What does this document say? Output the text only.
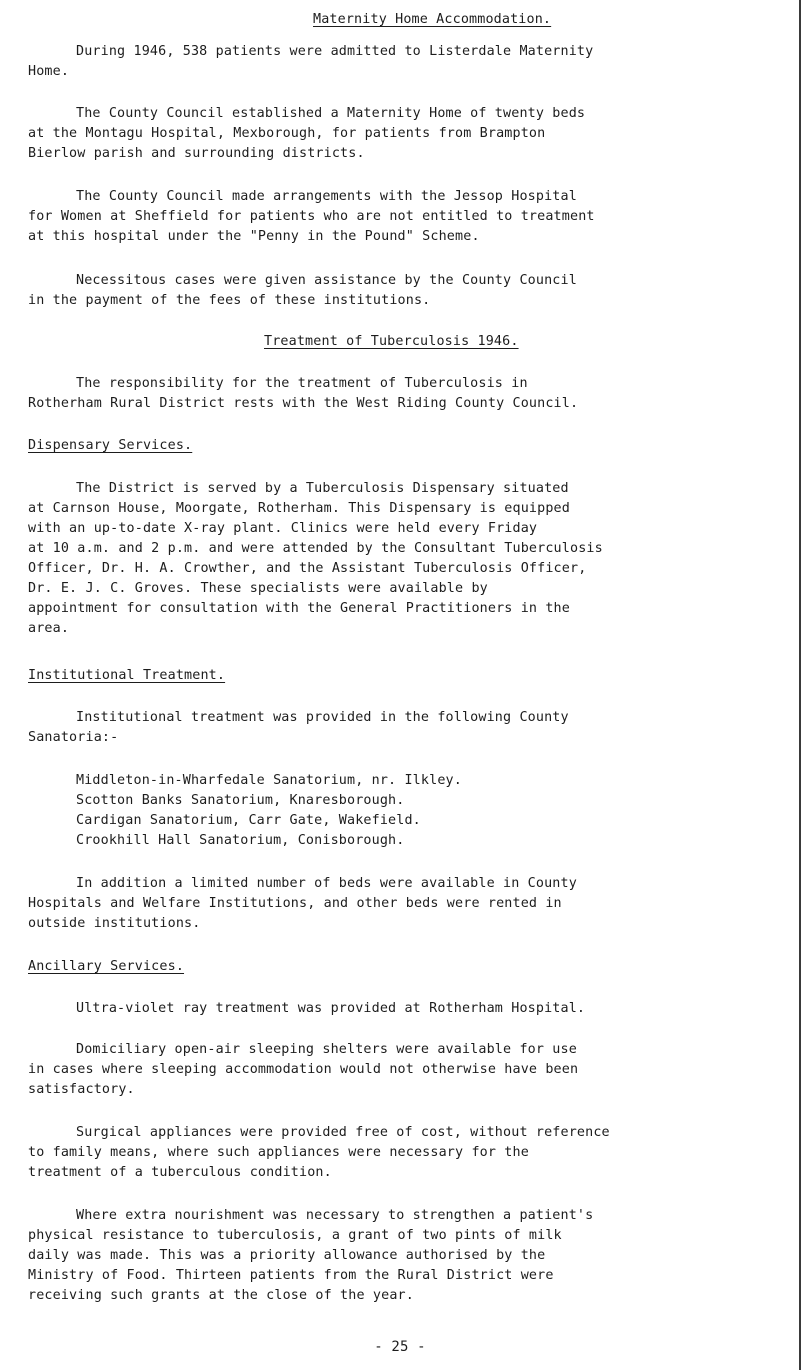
Maternity Home Accommodation.
During 1946, 538 patients were admitted to Listerdale Maternity
Home.
The County Council established a Maternity Home of twenty beds
at the Montagu Hospital, Mexborough, for patients from Brampton
Bierlow parish and surrounding districts.
The County Council made arrangements with the Jessop Hospital
for Women at Sheffield for patients who are not entitled to treatment
at this hospital under the "Penny in the Pound" Scheme.
Necessitous cases were given assistance by the County Council
in the payment of the fees of these institutions.
Treatment of Tuberculosis 1946.
The responsibility for the treatment of Tuberculosis in
Rotherham Rural District rests with the West Riding County Council.
Dispensary Services.
The District is served by a Tuberculosis Dispensary situated
at Carnson House, Moorgate, Rotherham. This Dispensary is equipped
with an up-to-date X-ray plant. Clinics were held every Friday
at 10 a.m. and 2 p.m. and were attended by the Consultant Tuberculosis
Officer, Dr. H. A. Crowther, and the Assistant Tuberculosis Officer,
Dr. E. J. C. Groves. These specialists were available by
appointment for consultation with the General Practitioners in the
area.
Institutional Treatment.
Institutional treatment was provided in the following County
Sanatoria:-
Middleton-in-Wharfedale Sanatorium, nr. Ilkley.
Scotton Banks Sanatorium, Knaresborough.
Cardigan Sanatorium, Carr Gate, Wakefield.
Crookhill Hall Sanatorium, Conisborough.
In addition a limited number of beds were available in County
Hospitals and Welfare Institutions, and other beds were rented in
outside institutions.
Ancillary Services.
Ultra-violet ray treatment was provided at Rotherham Hospital.
Domiciliary open-air sleeping shelters were available for use
in cases where sleeping accommodation would not otherwise have been
satisfactory.
Surgical appliances were provided free of cost, without reference
to family means, where such appliances were necessary for the
treatment of a tuberculous condition.
Where extra nourishment was necessary to strengthen a patient's
physical resistance to tuberculosis, a grant of two pints of milk
daily was made. This was a priority allowance authorised by the
Ministry of Food. Thirteen patients from the Rural District were
receiving such grants at the close of the year.
- 25 -
